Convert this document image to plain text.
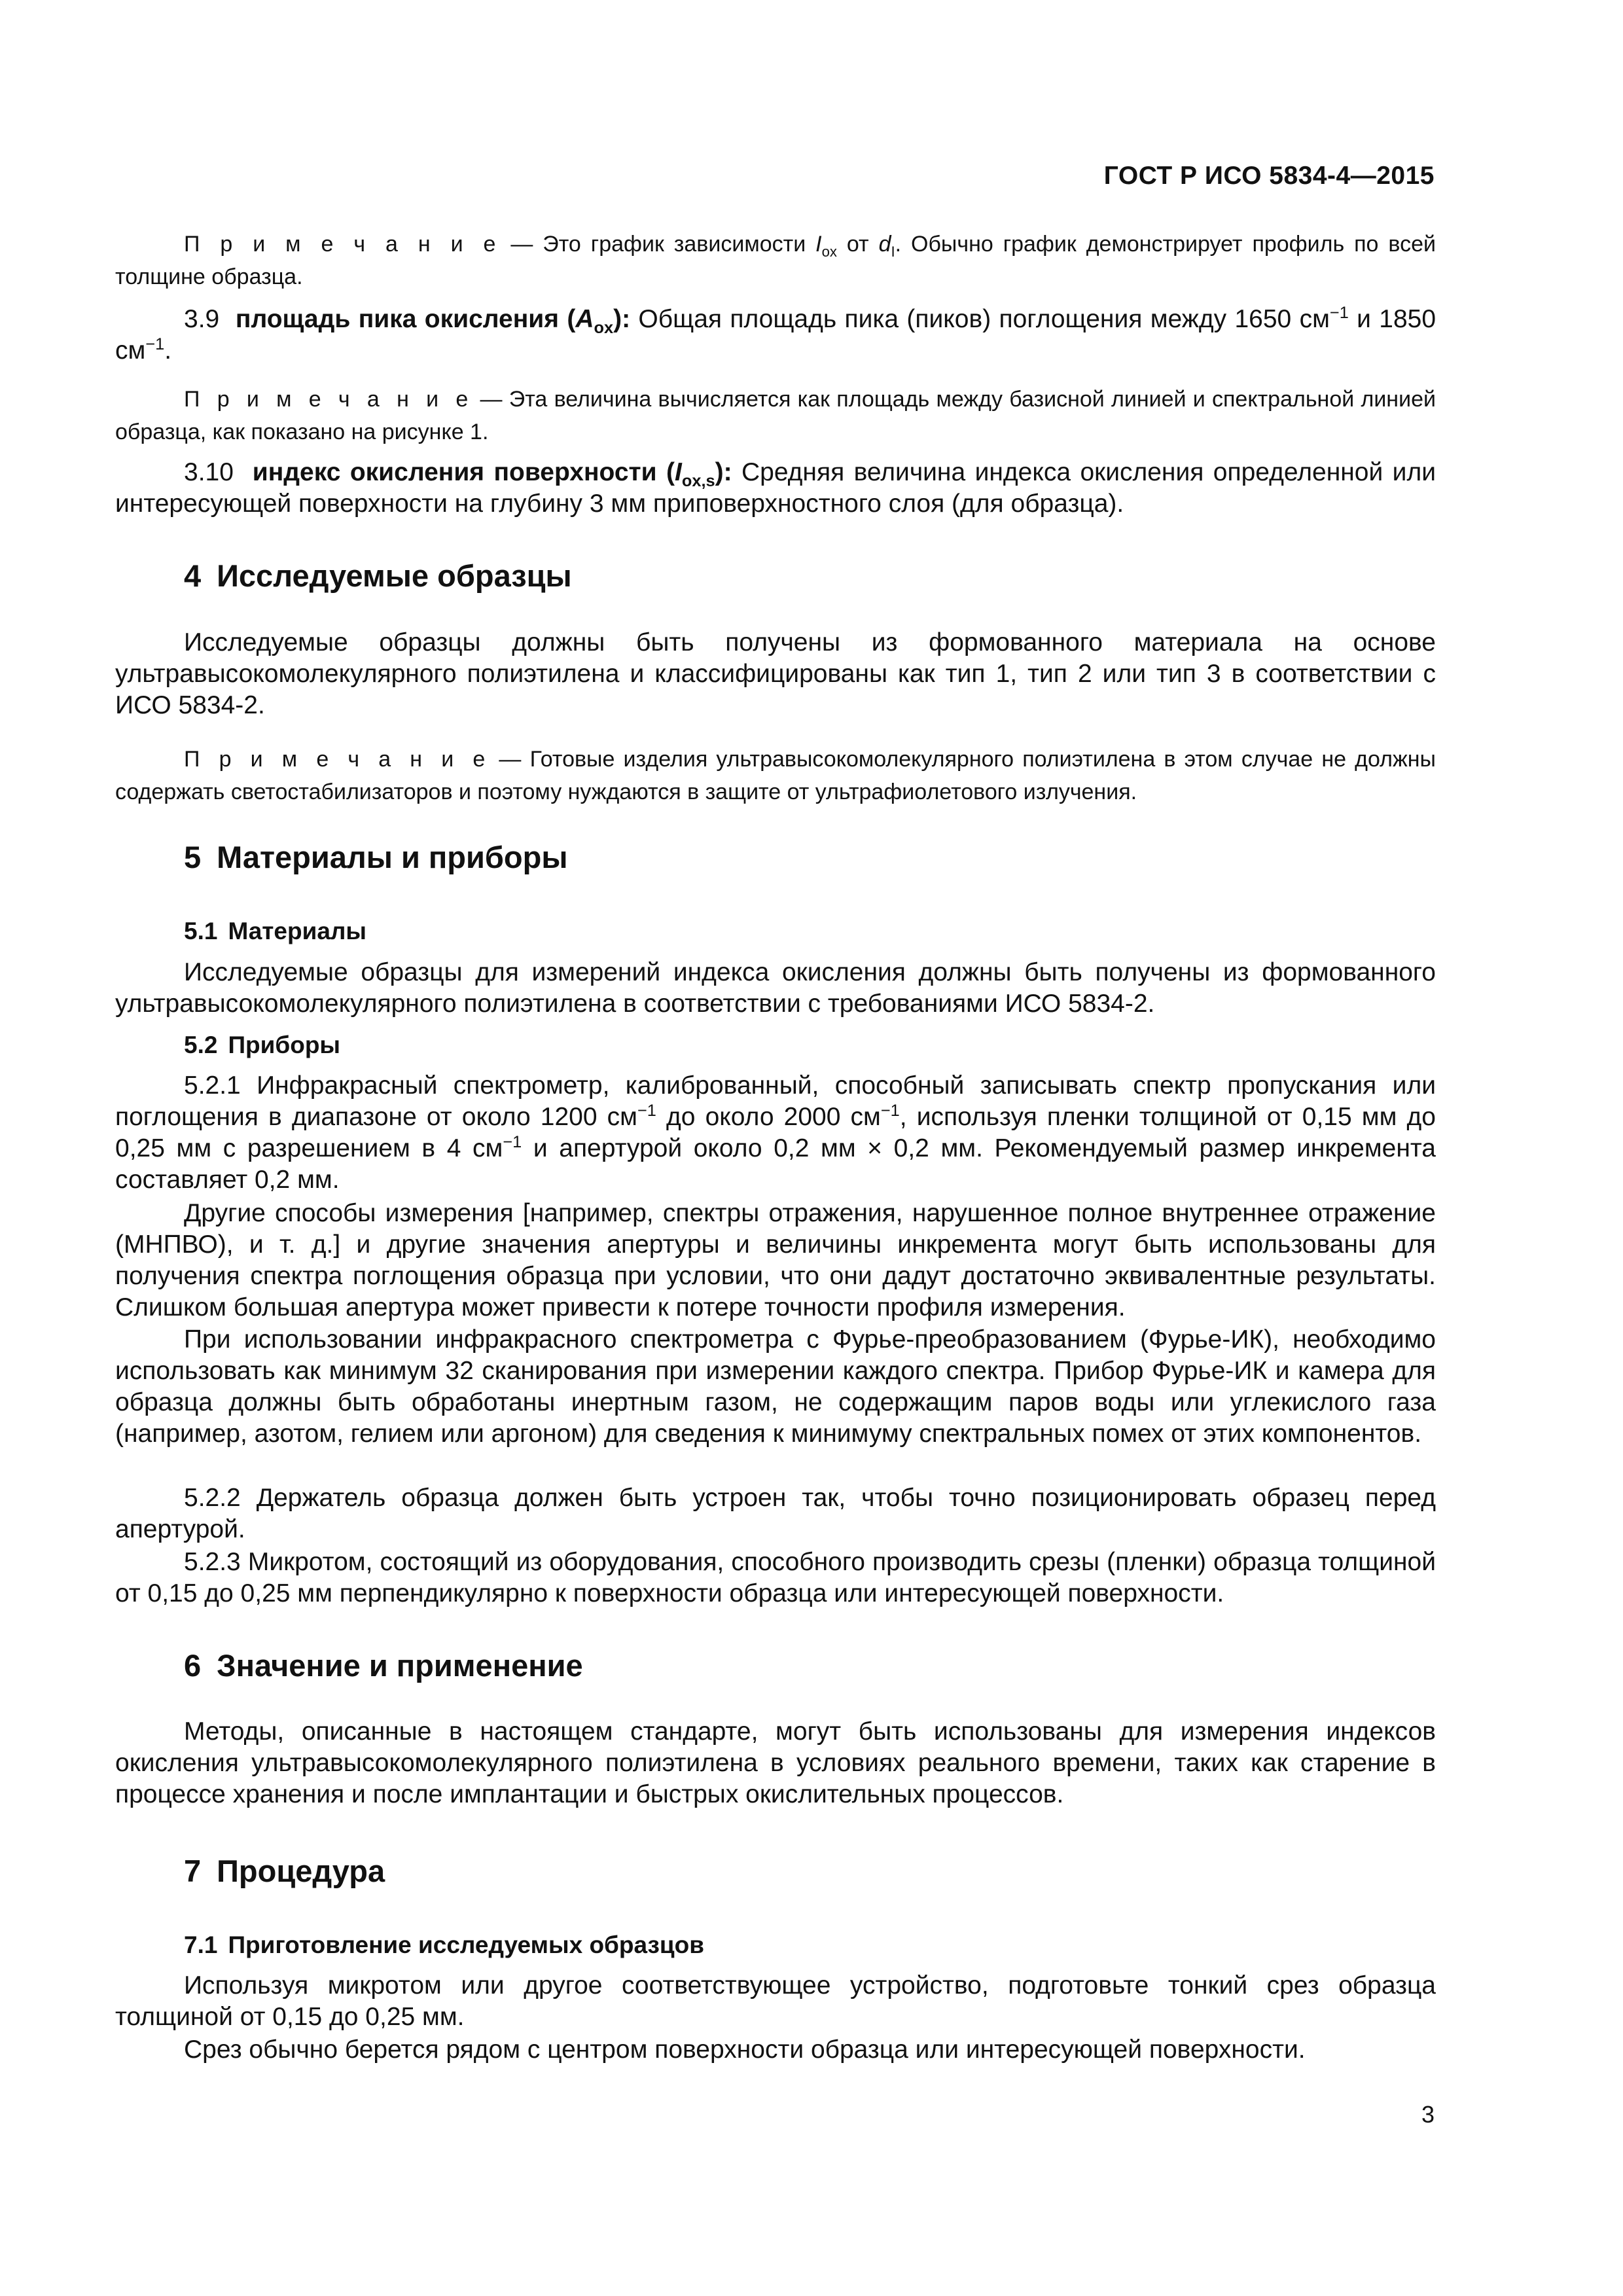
ГОСТ Р ИСО 5834-4—2015

П р и м е ч а н и е — Это график зависимости $I_{ox}$ от $d_I$. Обычно график демонстрирует профиль по всей толщине образца.

3.9 площадь пика окисления $(A_{ox})$: Общая площадь пика (пиков) поглощения между 1650 $см^{-1}$ и 1850 $см^{-1}$.

П р и м е ч а н и е — Эта величина вычисляется как площадь между базисной линией и спектральной линией образца, как показано на рисунке 1.

3.10 индекс окисления поверхности $(I_{ox,s})$: Средняя величина индекса окисления определенной или интересующей поверхности на глубину 3 мм приповерхностного слоя (для образца).

4 Исследуемые образцы

Исследуемые образцы должны быть получены из формованного материала на основе ультравысокомолекулярного полиэтилена и классифицированы как тип 1, тип 2 или тип 3 в соответствии с ИСО 5834-2.

П р и м е ч а н и е — Готовые изделия ультравысокомолекулярного полиэтилена в этом случае не должны содержать светостабилизаторов и поэтому нуждаются в защите от ультрафиолетового излучения.

5 Материалы и приборы
5.1 Материалы

Исследуемые образцы для измерений индекса окисления должны быть получены из формованного ультравысокомолекулярного полиэтилена в соответствии с требованиями ИСО 5834-2.

5.2 Приборы

5.2.1 Инфракрасный спектрометр, калиброванный, способный записывать спектр пропускания или поглощения в диапазоне от около 1200 $см^{-1}$ до около 2000 $см^{-1}$, используя пленки толщиной от 0,15 мм до 0,25 мм с разрешением в 4 $см^{-1}$ и апертурой около 0,2 мм × 0,2 мм. Рекомендуемый размер инкремента составляет 0,2 мм.

Другие способы измерения [например, спектры отражения, нарушенное полное внутреннее отражение (МНПВО), и т. д.] и другие значения апертуры и величины инкремента могут быть использованы для получения спектра поглощения образца при условии, что они дадут достаточно эквивалентные результаты. Слишком большая апертура может привести к потере точности профиля измерения.

При использовании инфракрасного спектрометра с Фурье-преобразованием (Фурье-ИК), необходимо использовать как минимум 32 сканирования при измерении каждого спектра. Прибор Фурье-ИК и камера для образца должны быть обработаны инертным газом, не содержащим паров воды или углекислого газа (например, азотом, гелием или аргоном) для сведения к минимуму спектральных помех от этих компонентов.

5.2.2 Держатель образца должен быть устроен так, чтобы точно позиционировать образец перед апертурой.

5.2.3 Микротом, состоящий из оборудования, способного производить срезы (пленки) образца толщиной от 0,15 до 0,25 мм перпендикулярно к поверхности образца или интересующей поверхности.

6 Значение и применение

Методы, описанные в настоящем стандарте, могут быть использованы для измерения индексов окисления ультравысокомолекулярного полиэтилена в условиях реального времени, таких как старение в процессе хранения и после имплантации и быстрых окислительных процессов.

7 Процедура
7.1 Приготовление исследуемых образцов

Используя микротом или другое соответствующее устройство, подготовьте тонкий срез образца толщиной от 0,15 до 0,25 мм.

Срез обычно берется рядом с центром поверхности образца или интересующей поверхности.

3
